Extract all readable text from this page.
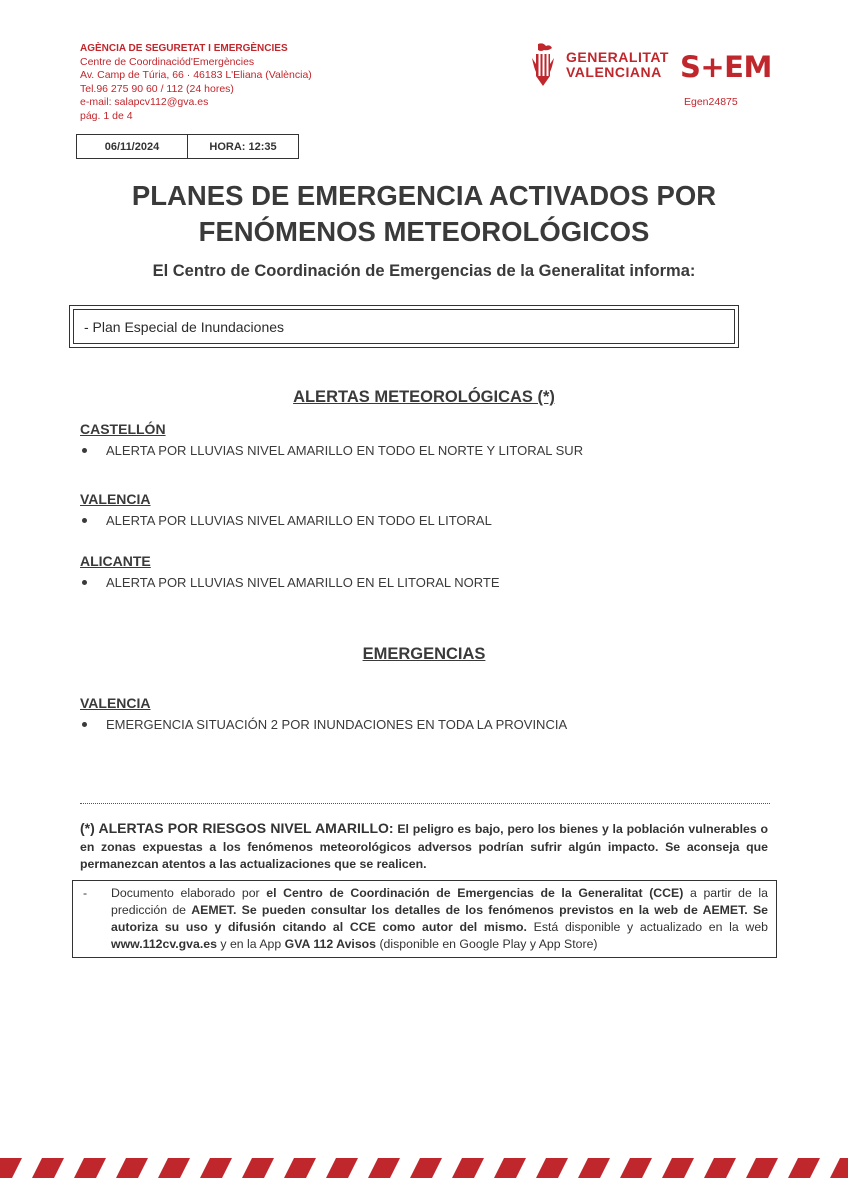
AGÈNCIA DE SEGURETAT I EMERGÈNCIES
Centre de Coordinaciód'Emergències
Av. Camp de Túria, 66 · 46183 L'Eliana (València)
Tel.96 275 90 60 / 112 (24 hores)
e-mail: salapcv112@gva.es
pág. 1 de 4
06/11/2024	HORA: 12:35
GENERALITAT
VALENCIANA S+EM
Egen24875
PLANES DE EMERGENCIA ACTIVADOS POR
FENÓMENOS METEOROLÓGICOS
El Centro de Coordinación de Emergencias de la Generalitat informa:
- Plan Especial de Inundaciones
ALERTAS METEOROLÓGICAS (*)
CASTELLÓN
ALERTA POR LLUVIAS NIVEL AMARILLO EN TODO EL NORTE Y LITORAL SUR
VALENCIA
ALERTA POR LLUVIAS NIVEL AMARILLO EN TODO EL LITORAL
ALICANTE
ALERTA POR LLUVIAS NIVEL AMARILLO EN EL LITORAL NORTE
EMERGENCIAS
VALENCIA
EMERGENCIA SITUACIÓN 2 POR INUNDACIONES EN TODA LA PROVINCIA
(*) ALERTAS POR RIESGOS NIVEL AMARILLO: El peligro es bajo, pero los bienes y la población vulnerables o en zonas expuestas a los fenómenos meteorológicos adversos podrían sufrir algún impacto. Se aconseja que permanezcan atentos a las actualizaciones que se realicen.
-	Documento elaborado por el Centro de Coordinación de Emergencias de la Generalitat (CCE) a partir de la predicción de AEMET. Se pueden consultar los detalles de los fenómenos previstos en la web de AEMET. Se autoriza su uso y difusión citando al CCE como autor del mismo. Está disponible y actualizado en la web www.112cv.gva.es y en la App GVA 112 Avisos (disponible en Google Play y App Store)
